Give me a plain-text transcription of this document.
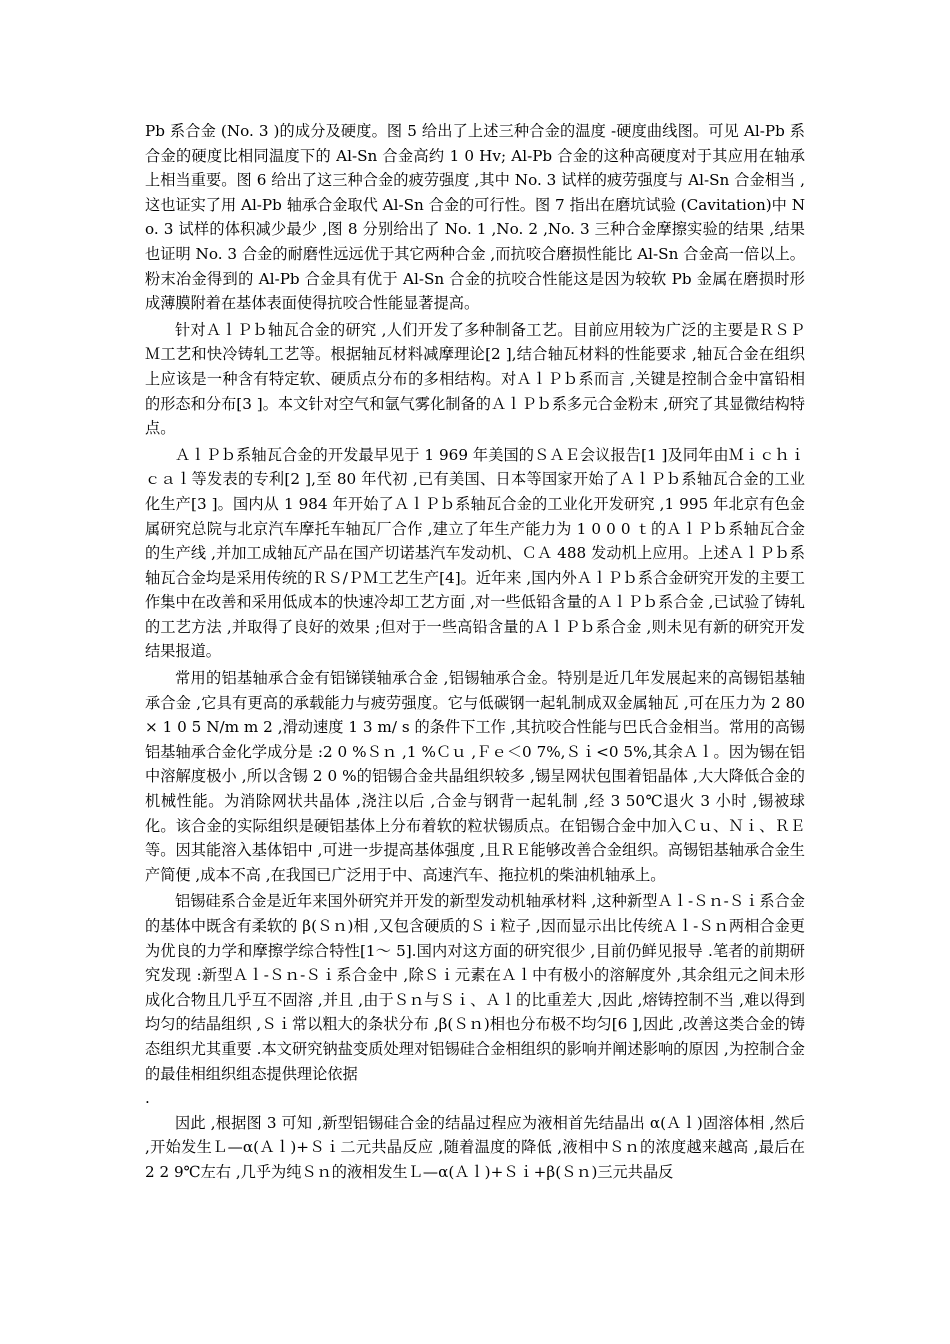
Pb 系合金 (No. 3 )的成分及硬度。图 5 给出了上述三种合金的温度 -硬度曲线图。可见 Al-Pb 系合金的硬度比相同温度下的 Al-Sn 合金高约 1 0 Hv; Al-Pb 合金的这种高硬度对于其应用在轴承上相当重要。图 6 给出了这三种合金的疲劳强度 ,其中 No. 3 试样的疲劳强度与 Al-Sn 合金相当 ,这也证实了用 Al-Pb 轴承合金取代 Al-Sn 合金的可行性。图 7 指出在磨坑试验 (Cavitation)中 No. 3 试样的体积减少最少 ,图 8 分别给出了 No. 1 ,No. 2 ,No. 3 三种合金摩擦实验的结果 ,结果也证明 No. 3 合金的耐磨性远远优于其它两种合金 ,而抗咬合磨损性能比 Al-Sn 合金高一倍以上。粉末冶金得到的 Al-Pb 合金具有优于 Al-Sn 合金的抗咬合性能这是因为较软 Pb 金属在磨损时形成薄膜附着在基体表面使得抗咬合性能显著提高。

针对ＡｌＰｂ轴瓦合金的研究 ,人们开发了多种制备工艺。目前应用较为广泛的主要是ＲＳＰＭ工艺和快冷铸轧工艺等。根据轴瓦材料减摩理论[2 ],结合轴瓦材料的性能要求 ,轴瓦合金在组织上应该是一种含有特定软、硬质点分布的多相结构。对ＡｌＰｂ系而言 ,关键是控制合金中富铅相的形态和分布[3 ]。本文针对空气和氩气雾化制备的ＡｌＰｂ系多元合金粉末 ,研究了其显微结构特点。

ＡｌＰｂ系轴瓦合金的开发最早见于 1 969 年美国的ＳＡＥ会议报告[1 ]及同年由Ｍｉｃｈｉｃａｌ等发表的专利[2 ],至 80 年代初 ,已有美国、日本等国家开始了ＡｌＰｂ系轴瓦合金的工业化生产[3 ]。国内从 1 984 年开始了ＡｌＰｂ系轴瓦合金的工业化开发研究 ,1 995 年北京有色金属研究总院与北京汽车摩托车轴瓦厂合作 ,建立了年生产能力为 1 0 0 0 ｔ的ＡｌＰｂ系轴瓦合金的生产线 ,并加工成轴瓦产品在国产切诺基汽车发动机、ＣＡ 488 发动机上应用。上述ＡｌＰｂ系轴瓦合金均是采用传统的ＲＳ/ＰＭ工艺生产[4]。近年来 ,国内外ＡｌＰｂ系合金研究开发的主要工作集中在改善和采用低成本的快速冷却工艺方面 ,对一些低铅含量的ＡｌＰｂ系合金 ,已试验了铸轧的工艺方法 ,并取得了良好的效果 ;但对于一些高铅含量的ＡｌＰｂ系合金 ,则未见有新的研究开发结果报道。

常用的铝基轴承合金有铝锑镁轴承合金 ,铝锡轴承合金。特别是近几年发展起来的高锡铝基轴承合金 ,它具有更高的承载能力与疲劳强度。它与低碳钢一起轧制成双金属轴瓦 ,可在压力为 2 80× 1 0 5 N/m m 2 ,滑动速度 1 3 m/ s 的条件下工作 ,其抗咬合性能与巴氏合金相当。常用的高锡铝基轴承合金化学成分是 :2 0 %Ｓｎ ,1 %Ｃｕ ,Ｆｅ＜0 7%,Ｓｉ<0 5%,其余Ａｌ。因为锡在铝中溶解度极小 ,所以含锡 2 0 %的铝锡合金共晶组织较多 ,锡呈网状包围着铝晶体 ,大大降低合金的机械性能。为消除网状共晶体 ,浇注以后 ,合金与钢背一起轧制 ,经 3 50℃退火 3 小时 ,锡被球化。该合金的实际组织是硬铝基体上分布着软的粒状锡质点。在铝锡合金中加入Ｃｕ、Ｎｉ、ＲＥ等。因其能溶入基体铝中 ,可进一步提高基体强度 ,且ＲＥ能够改善合金组织。高锡铝基轴承合金生产简便 ,成本不高 ,在我国已广泛用于中、高速汽车、拖拉机的柴油机轴承上。

铝锡硅系合金是近年来国外研究并开发的新型发动机轴承材料 ,这种新型Ａｌ-Ｓｎ-Ｓｉ系合金的基体中既含有柔软的 β(Ｓｎ)相 ,又包含硬质的Ｓｉ粒子 ,因而显示出比传统Ａｌ-Ｓｎ两相合金更为优良的力学和摩擦学综合特性[1～ 5].国内对这方面的研究很少 ,目前仍鲜见报导 .笔者的前期研究发现 :新型Ａｌ-Ｓｎ-Ｓｉ系合金中 ,除Ｓｉ元素在Ａｌ中有极小的溶解度外 ,其余组元之间未形成化合物且几乎互不固溶 ,并且 ,由于Ｓｎ与Ｓｉ、Ａｌ的比重差大 ,因此 ,熔铸控制不当 ,难以得到均匀的结晶组织 ,Ｓｉ常以粗大的条状分布 ,β(Ｓｎ)相也分布极不均匀[6 ],因此 ,改善这类合金的铸态组织尤其重要 .本文研究钠盐变质处理对铝锡硅合金相组织的影响并阐述影响的原因 ,为控制合金的最佳相组织组态提供理论依据

.

因此 ,根据图 3 可知 ,新型铝锡硅合金的结晶过程应为液相首先结晶出 α(Ａｌ)固溶体相 ,然后 ,开始发生Ｌ—α(Ａｌ)+Ｓｉ二元共晶反应 ,随着温度的降低 ,液相中Ｓｎ的浓度越来越高 ,最后在 2 2 9℃左右 ,几乎为纯Ｓｎ的液相发生Ｌ—α(Ａｌ)+Ｓｉ+β(Ｓｎ)三元共晶反
